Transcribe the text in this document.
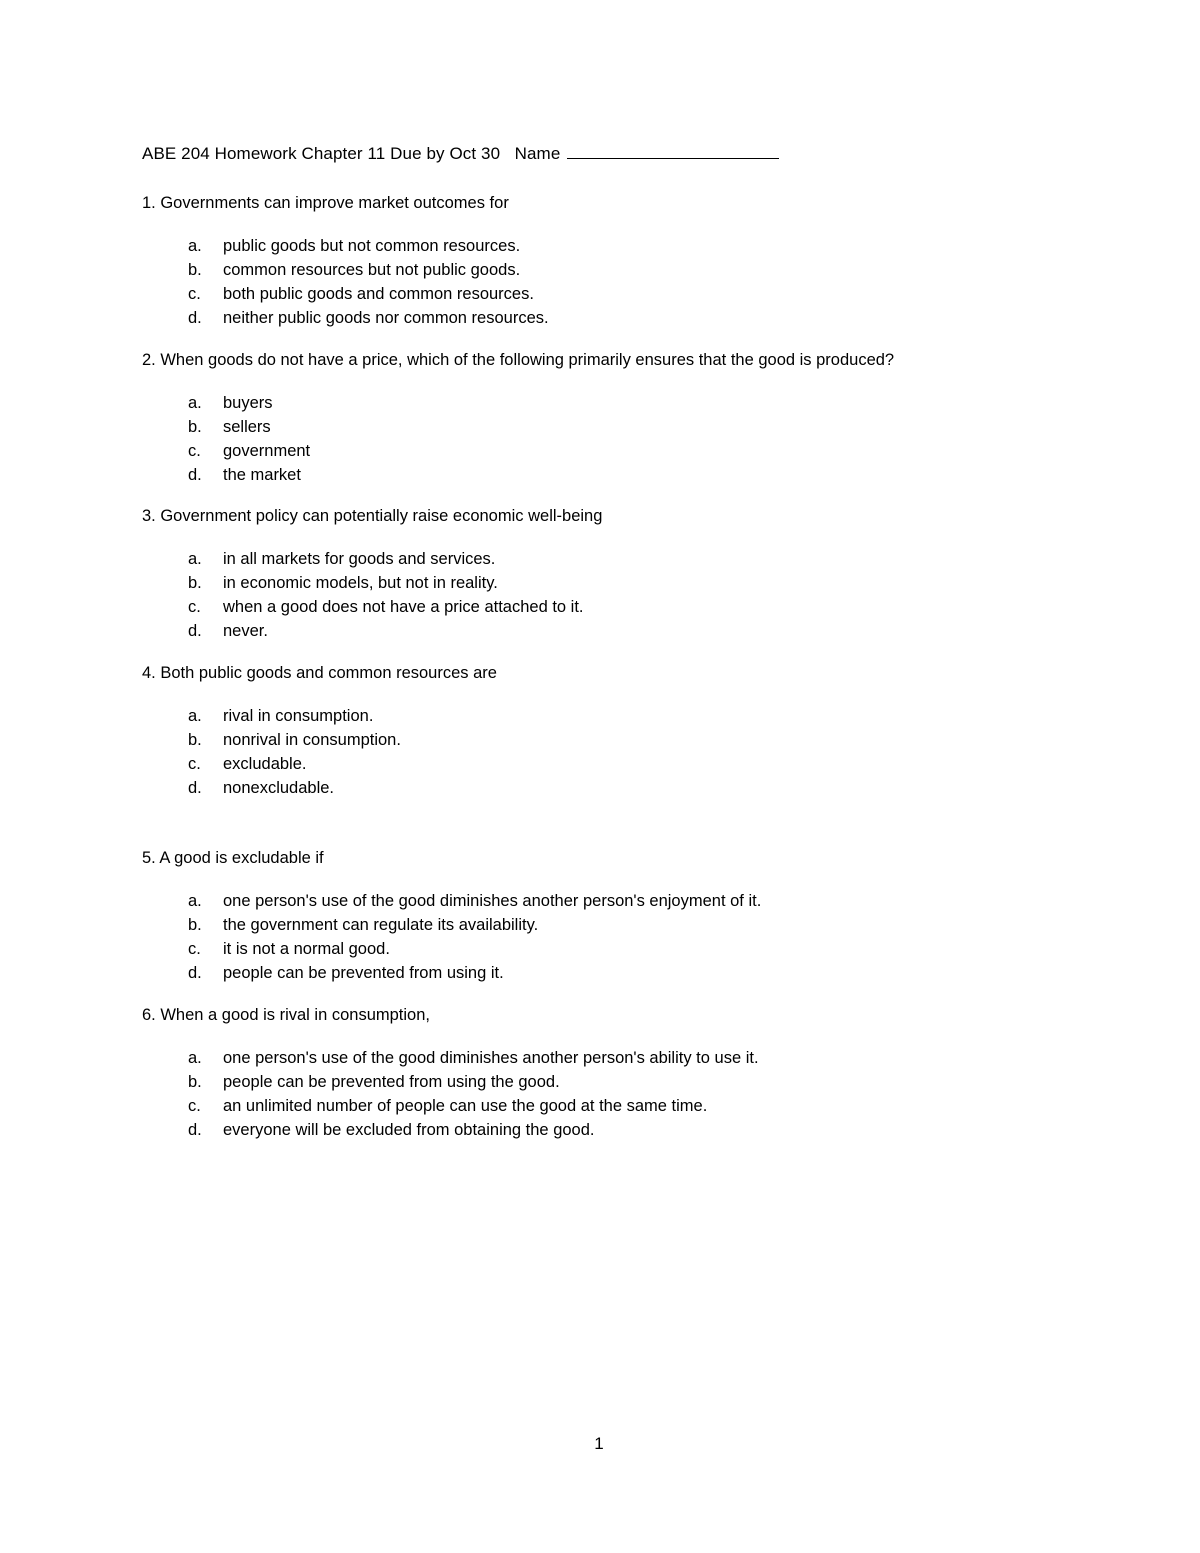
ABE 204 Homework Chapter 11 Due by Oct 30 Name

1. Governments can improve market outcomes for

a. public goods but not common resources.
b. common resources but not public goods.
c. both public goods and common resources.
d. neither public goods nor common resources.

2. When goods do not have a price, which of the following primarily ensures that the good is produced?

a. buyers
b. sellers
c. government
d. the market

3. Government policy can potentially raise economic well-being

a. in all markets for goods and services.
b. in economic models, but not in reality.
c. when a good does not have a price attached to it.
d. never.

4. Both public goods and common resources are

a. rival in consumption.
b. nonrival in consumption.
c. excludable.
d. nonexcludable.

5. A good is excludable if

a. one person's use of the good diminishes another person's enjoyment of it.
b. the government can regulate its availability.
c. it is not a normal good.
d. people can be prevented from using it.

6. When a good is rival in consumption,

a. one person's use of the good diminishes another person's ability to use it.
b. people can be prevented from using the good.
c. an unlimited number of people can use the good at the same time.
d. everyone will be excluded from obtaining the good.
1
